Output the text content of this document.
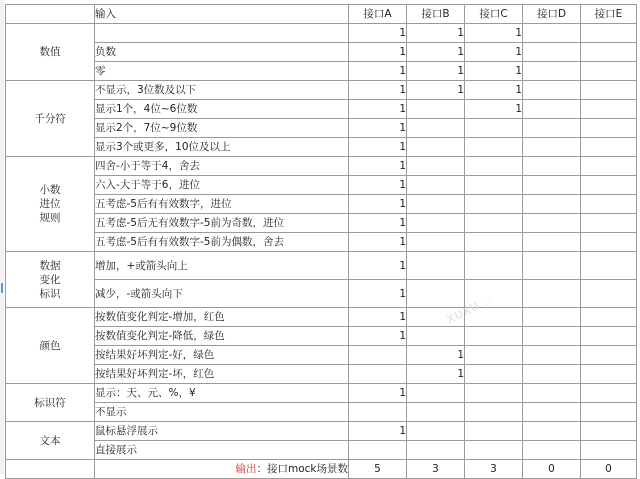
	输入	接口A	接口B	接口C	接口D	接口E
数值		1	1	1		
	负数	1	1	1		
	零	1	1	1		
千分符	不显示，3位数及以下	1	1	1		
	显示1个，4位~6位数	1		1		
	显示2个，7位~9位数	1				
	显示3个或更多，10位及以上	1				
小数
进位
规则	四舍-小于等于4，舍去	1				
	六入-大于等于6，进位	1				
	五考虑-5后有有效数字，进位	1				
	五考虑-5后无有效数字-5前为奇数，进位	1				
	五考虑-5后有有效数字-5前为偶数，舍去	1				
数据
变化
标识	增加，+或箭头向上	1				
	减少，-或箭头向下	1				
颜色	按数值变化判定-增加，红色	1				
	按数值变化判定-降低，绿色	1				
	按结果好坏判定-好，绿色		1			
	按结果好坏判定-坏，红色		1			
标识符	显示：天、元、%，¥	1				
	不显示					
文本	鼠标悬浮展示	1				
	直接展示					
	输出：接口mock场景数	5	3	3	0	0
XUXU...
